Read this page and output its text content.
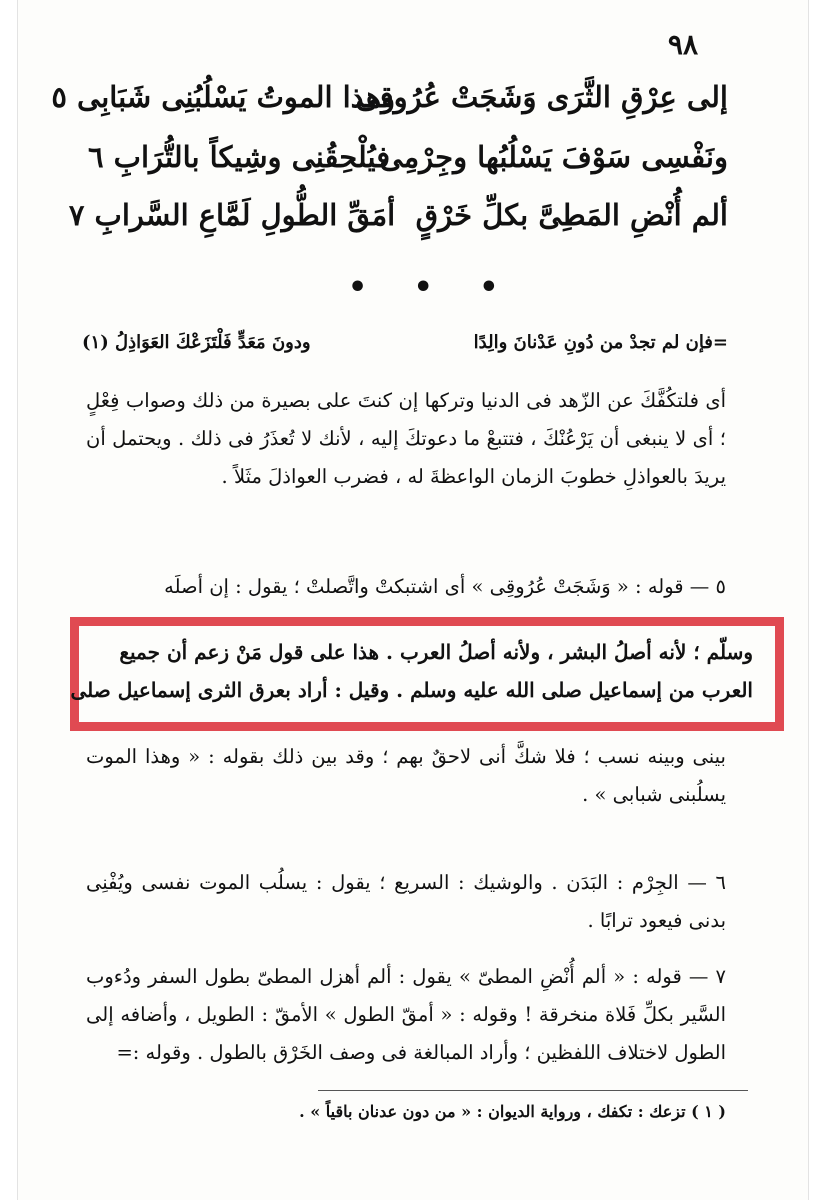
٩٨
إلى عِرْقِ الثَّرَى وَشَجَتْ عُرُوقِى
وهذا الموتُ يَسْلُبُنِى شَبَابِى ٥
ونَفْسِى سَوْفَ يَسْلُبُها وجِرْمِى
فيُلْحِقُنِى وشِيكاً بالتُّرَابِ ٦
ألم أُنْضِ المَطِىَّ بكلِّ خَرْقٍ
أمَقِّ الطُّولِ لَمَّاعِ السَّرابِ ٧
• • •
=فإن لم تجدْ من دُونِ عَدْنانَ والِدًا
ودونَ مَعَدٍّ فَلْتَزَعْكَ العَوَاذِلُ (١)
أى فلتكُفَّكَ عن الزّهد فى الدنيا وتركها إن كنتَ على بصيرة من ذلك وصواب فِعْلٍ ؛ أى لا ينبغى أن يَرْعُنْكَ ، فتتبعْ ما دعوتكَ إليه ، لأنك لا تُعذَرُ فى ذلك . ويحتمل أن يريدَ بالعواذلِ خطوبَ الزمان الواعظةَ له ، فضرب العواذلَ مثَلاً .
٥ — قوله : « وَشَجَتْ عُرُوقِى » أى اشتبكتْ واتَّصلتْ ؛ يقول : إن أصلَه
وسلّم ؛ لأنه أصلُ البشر ، ولأنه أصلُ العرب . هذا على قول مَنْ زعم أن جميع
العرب من إسماعيل صلى الله عليه وسلم . وقيل : أراد بعرق الثرى إسماعيل صلى
بينى وبينه نسب ؛ فلا شكَّ أنى لاحقٌ بهم ؛ وقد بين ذلك بقوله : « وهذا الموت يسلُبنى شبابى » .
٦ — الجِرْم : البَدَن . والوشيك : السريع ؛ يقول : يسلُب الموت نفسى ويُفْنِى بدنى فيعود ترابًا .
٧ — قوله : « ألم أُنْضِ المطىّ » يقول : ألم أهزل المطىّ بطول السفر ودُءوب السَّير بكلِّ فَلاة منخرقة ! وقوله : « أمقّ الطول » الأمقّ : الطويل ، وأضافه إلى الطول لاختلاف اللفظين ؛ وأراد المبالغة فى وصف الخَرْق بالطول . وقوله :=
( ١ ) تزعك : تكفك ، ورواية الديوان : « من دون عدنان باقياً » .
